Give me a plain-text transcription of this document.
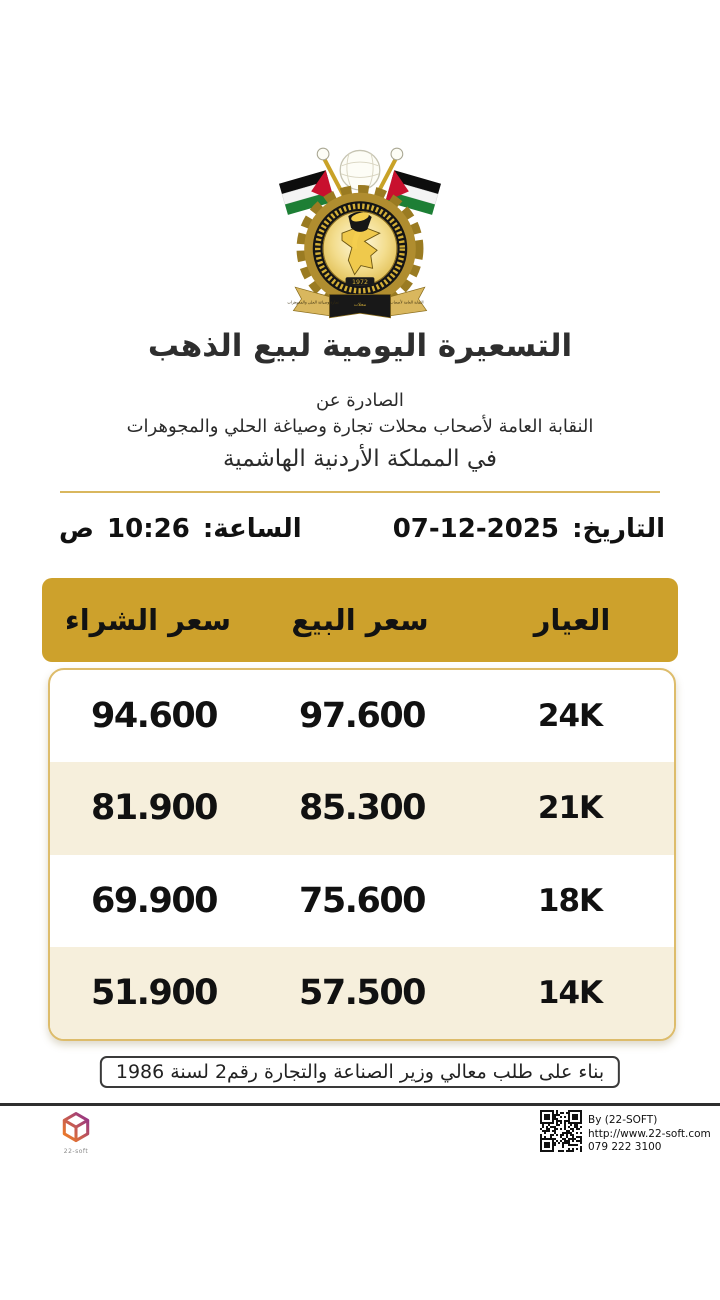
1972
النقابة العامة لأصحاب
محلات
تجارة وصياغة الحلي والمجوهرات
التسعيرة اليومية لبيع الذهب
الصادرة عن
النقابة العامة لأصحاب محلات تجارة وصياغة الحلي والمجوهرات
في المملكة الأردنية الهاشمية
التاريخ: 07-12-2025
الساعة: 10:26 ص
العيار
سعر البيع
سعر الشراء
24K
97.600
94.600
21K
85.300
81.900
18K
75.600
69.900
14K
57.500
51.900
بناء على طلب معالي وزير الصناعة والتجارة رقم2 لسنة 1986
22-soft
By (22-SOFT)
http://www.22-soft.com
079 222 3100
